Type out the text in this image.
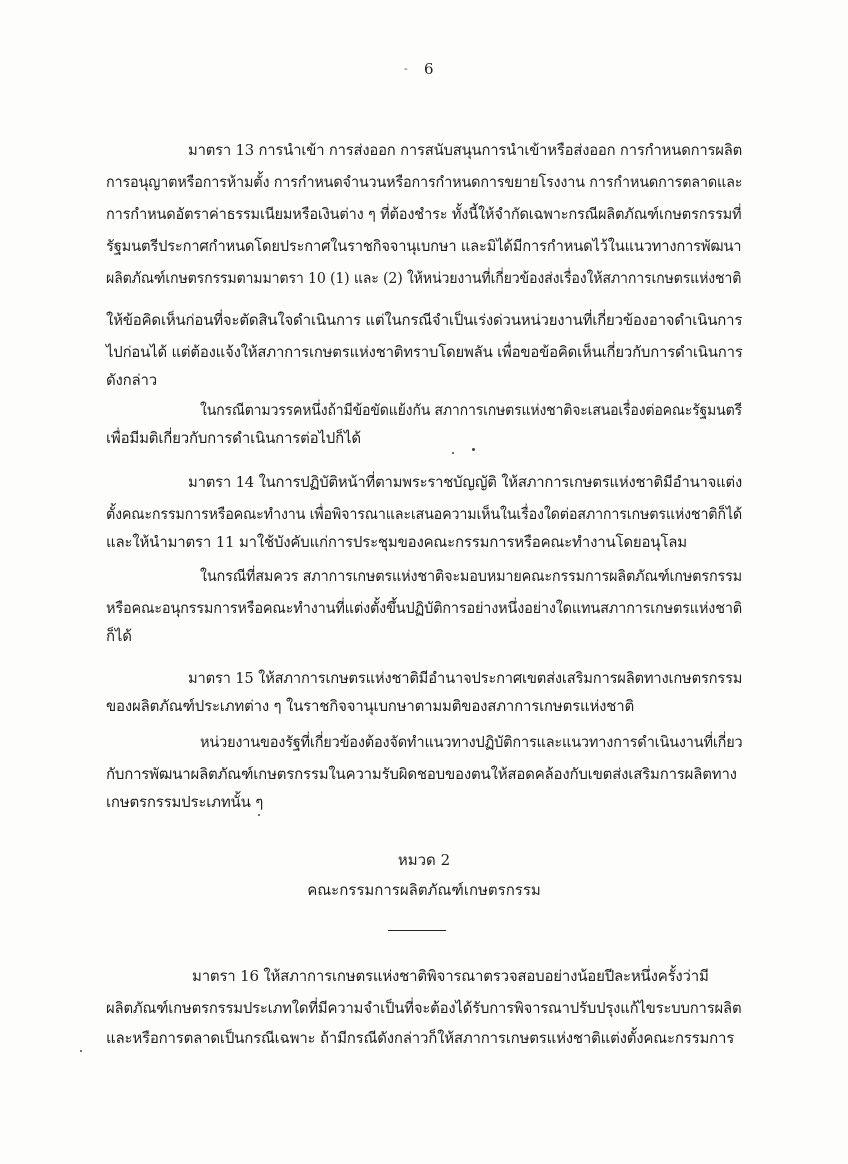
- 6
มาตรา 13 การนำเข้า การส่งออก การสนับสนุนการนำเข้าหรือส่งออก การกำหนดการผลิต
การอนุญาตหรือการห้ามตั้ง การกำหนดจำนวนหรือการกำหนดการขยายโรงงาน การกำหนดการตลาดและ
การกำหนดอัตราค่าธรรมเนียมหรือเงินต่าง ๆ ที่ต้องชำระ ทั้งนี้ให้จำกัดเฉพาะกรณีผลิตภัณฑ์เกษตรกรรมที่
รัฐมนตรีประกาศกำหนดโดยประกาศในราชกิจจานุเบกษา และมิได้มีการกำหนดไว้ในแนวทางการพัฒนา
ผลิตภัณฑ์เกษตรกรรมตามมาตรา 10 (1) และ (2) ให้หน่วยงานที่เกี่ยวข้องส่งเรื่องให้สภาการเกษตรแห่งชาติ
ให้ข้อคิดเห็นก่อนที่จะตัดสินใจดำเนินการ แต่ในกรณีจำเป็นเร่งด่วนหน่วยงานที่เกี่ยวข้องอาจดำเนินการ
ไปก่อนได้ แต่ต้องแจ้งให้สภาการเกษตรแห่งชาติทราบโดยพลัน เพื่อขอข้อคิดเห็นเกี่ยวกับการดำเนินการ
ดังกล่าว
ในกรณีตามวรรคหนึ่งถ้ามีข้อขัดแย้งกัน สภาการเกษตรแห่งชาติจะเสนอเรื่องต่อคณะรัฐมนตรี
เพื่อมีมติเกี่ยวกับการดำเนินการต่อไปก็ได้
มาตรา 14 ในการปฏิบัติหน้าที่ตามพระราชบัญญัติ ให้สภาการเกษตรแห่งชาติมีอำนาจแต่ง
ตั้งคณะกรรมการหรือคณะทำงาน เพื่อพิจารณาและเสนอความเห็นในเรื่องใดต่อสภาการเกษตรแห่งชาติก็ได้
และให้นำมาตรา 11 มาใช้บังคับแก่การประชุมของคณะกรรมการหรือคณะทำงานโดยอนุโลม
ในกรณีที่สมควร สภาการเกษตรแห่งชาติจะมอบหมายคณะกรรมการผลิตภัณฑ์เกษตรกรรม
หรือคณะอนุกรรมการหรือคณะทำงานที่แต่งตั้งขึ้นปฏิบัติการอย่างหนึ่งอย่างใดแทนสภาการเกษตรแห่งชาติ
ก็ได้
มาตรา 15 ให้สภาการเกษตรแห่งชาติมีอำนาจประกาศเขตส่งเสริมการผลิตทางเกษตรกรรม
ของผลิตภัณฑ์ประเภทต่าง ๆ ในราชกิจจานุเบกษาตามมติของสภาการเกษตรแห่งชาติ
หน่วยงานของรัฐที่เกี่ยวข้องต้องจัดทำแนวทางปฏิบัติการและแนวทางการดำเนินงานที่เกี่ยว
กับการพัฒนาผลิตภัณฑ์เกษตรกรรมในความรับผิดชอบของตนให้สอดคล้องกับเขตส่งเสริมการผลิตทาง
เกษตรกรรมประเภทนั้น ๆ
หมวด 2
คณะกรรมการผลิตภัณฑ์เกษตรกรรม
มาตรา 16 ให้สภาการเกษตรแห่งชาติพิจารณาตรวจสอบอย่างน้อยปีละหนึ่งครั้งว่ามี
ผลิตภัณฑ์เกษตรกรรมประเภทใดที่มีความจำเป็นที่จะต้องได้รับการพิจารณาปรับปรุงแก้ไขระบบการผลิต
และหรือการตลาดเป็นกรณีเฉพาะ ถ้ามีกรณีดังกล่าวก็ให้สภาการเกษตรแห่งชาติแต่งตั้งคณะกรรมการ
